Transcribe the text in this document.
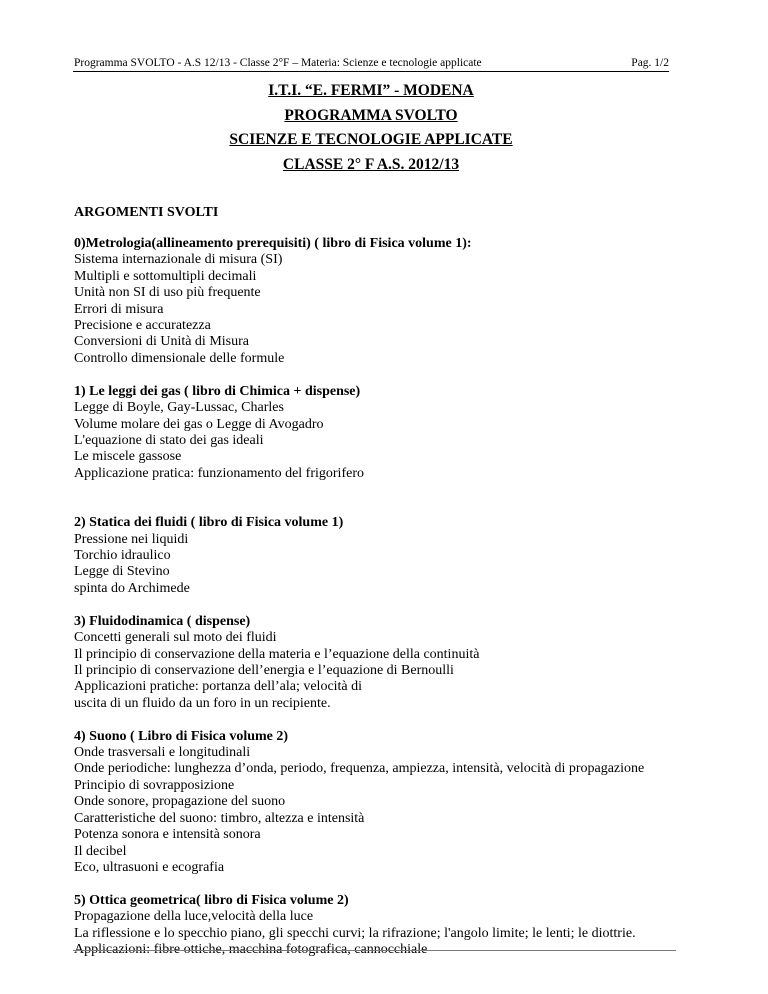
Programma SVOLTO - A.S 12/13 - Classe 2°F – Materia: Scienze e tecnologie applicate	Pag. 1/2
I.T.I. “E. FERMI” - MODENA
PROGRAMMA SVOLTO
SCIENZE E TECNOLOGIE APPLICATE
CLASSE 2° F A.S. 2012/13
ARGOMENTI SVOLTI
0)Metrologia(allineamento prerequisiti) ( libro di Fisica volume 1):
Sistema internazionale di misura (SI)
Multipli e sottomultipli decimali
Unità non SI di uso più frequente
Errori di misura
Precisione e accuratezza
Conversioni di Unità di Misura
Controllo dimensionale delle formule
1) Le leggi dei gas ( libro di Chimica + dispense)
Legge di Boyle, Gay-Lussac, Charles
Volume molare dei gas o Legge di Avogadro
L'equazione di stato dei gas ideali
Le miscele gassose
Applicazione pratica: funzionamento del frigorifero
2) Statica dei fluidi ( libro di Fisica volume 1)
Pressione nei liquidi
Torchio idraulico
Legge di Stevino
spinta do Archimede
3) Fluidodinamica ( dispense)
Concetti generali sul moto dei fluidi
Il principio di conservazione della materia e l’equazione della continuità
Il principio di conservazione dell’energia e l’equazione di Bernoulli
Applicazioni pratiche: portanza dell’ala; velocità di
uscita di un fluido da un foro in un recipiente.
4) Suono ( Libro di Fisica volume 2)
Onde trasversali e longitudinali
Onde periodiche: lunghezza d’onda, periodo, frequenza, ampiezza, intensità, velocità di propagazione
Principio di sovrapposizione
Onde sonore, propagazione del suono
Caratteristiche del suono: timbro, altezza e intensità
Potenza sonora e intensità sonora
Il decibel
Eco, ultrasuoni e ecografia
5) Ottica geometrica( libro di Fisica volume 2)
Propagazione della luce,velocità della luce
La riflessione e lo specchio piano, gli specchi curvi; la rifrazione; l'angolo limite; le lenti; le diottrie.
Applicazioni: fibre ottiche, macchina fotografica, cannocchiale
